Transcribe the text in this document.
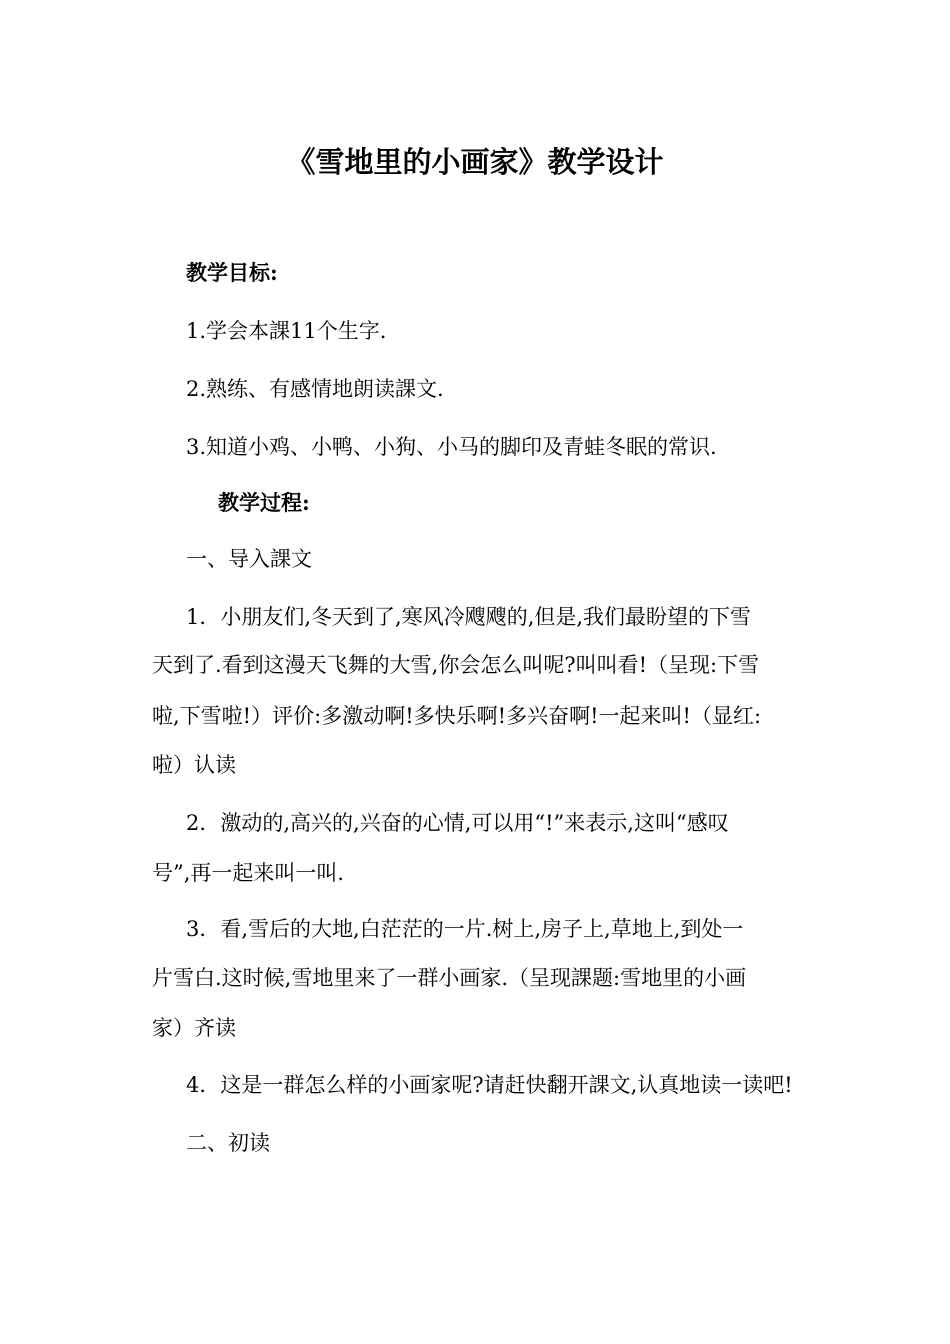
《雪地里的小画家》教学设计
教学目标:
1.学会本課11个生字.
2.熟练、有感情地朗读課文.
3.知道小鸡、小鸭、小狗、小马的脚印及青蛙冬眠的常识.
教学过程:
一、导入課文
1．小朋友们,冬天到了,寒风冷飕飕的,但是,我们最盼望的下雪
天到了.看到这漫天飞舞的大雪,你会怎么叫呢?叫叫看!（呈现:下雪
啦,下雪啦!）评价:多激动啊!多快乐啊!多兴奋啊!一起来叫!（显红:
啦）认读
2．激动的,高兴的,兴奋的心情,可以用“!”来表示,这叫“感叹
号”,再一起来叫一叫.
3．看,雪后的大地,白茫茫的一片.树上,房子上,草地上,到处一
片雪白.这时候,雪地里来了一群小画家.（呈现課题:雪地里的小画
家）齐读
4．这是一群怎么样的小画家呢?请赶快翻开課文,认真地读一读吧!
二、初读
